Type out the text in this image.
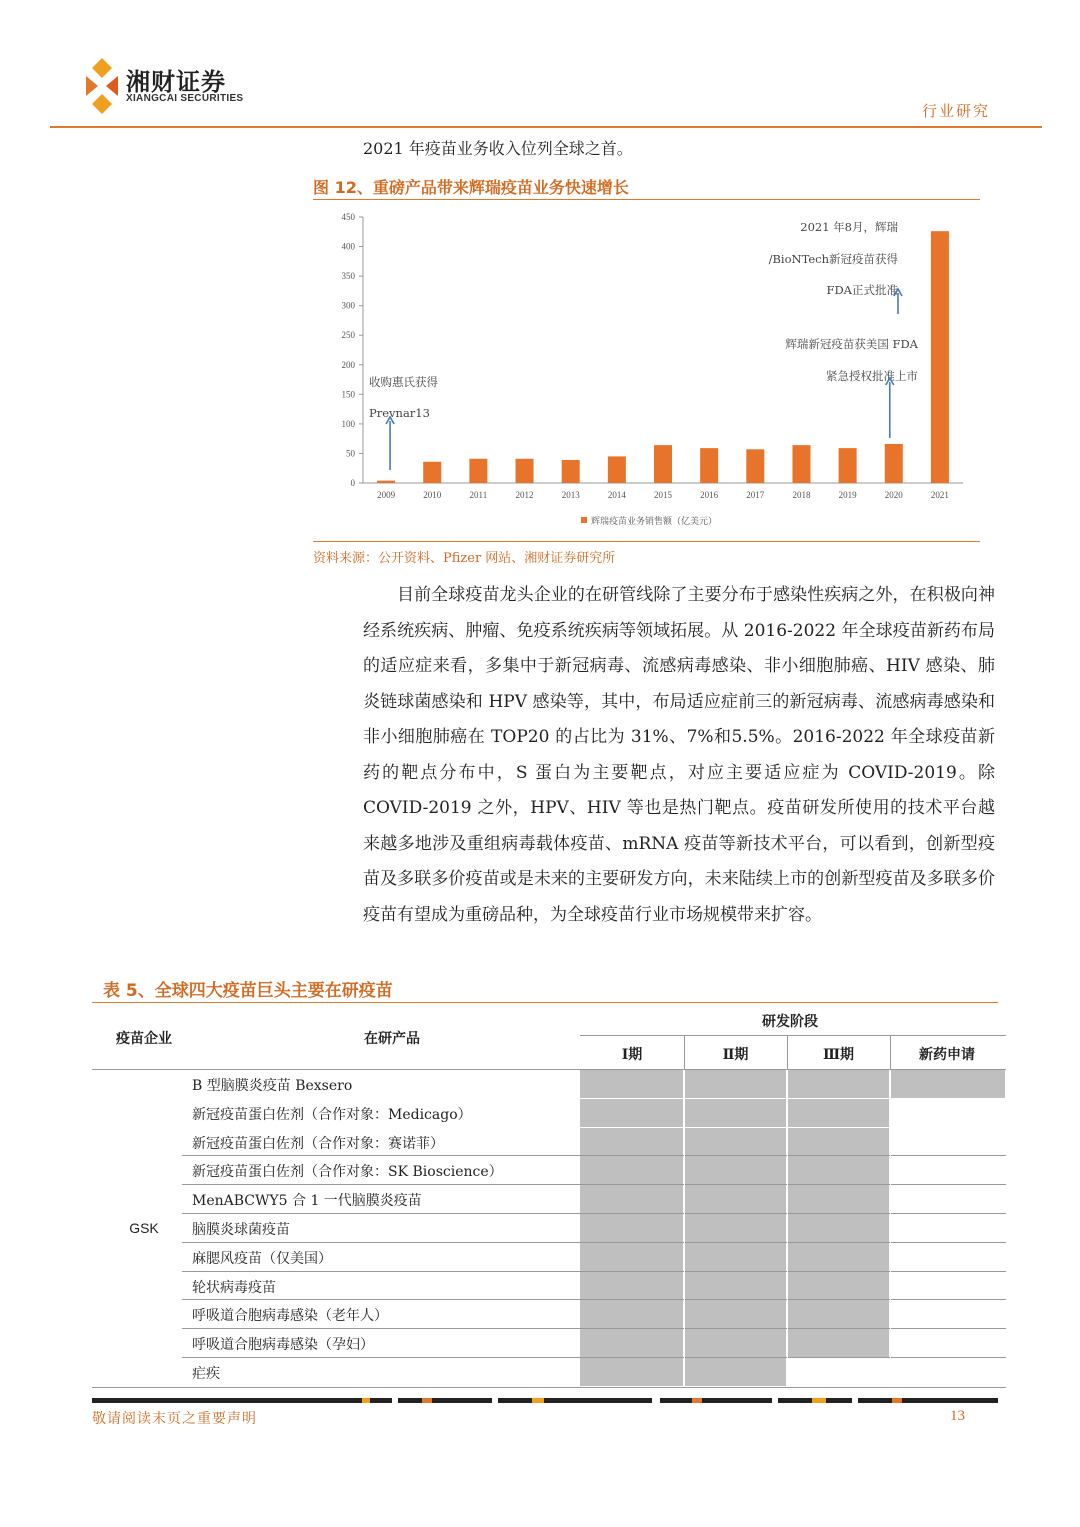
湘财证券
XIANGCAI SECURITIES
行业研究
2021 年疫苗业务收入位列全球之首。
图 12、重磅产品带来辉瑞疫苗业务快速增长
0
50
100
150
200
250
300
350
400
450
2009	2010	2011	2012	2013	2014	2015	2016	2017	2018	2019	2020	2021
收购惠氏获得
Prevnar13
辉瑞新冠疫苗获美国 FDA
紧急授权批准上市
2021 年8月，辉瑞
/BioNTech新冠疫苗获得
FDA正式批准
辉瑞疫苗业务销售额（亿美元）
资料来源：公开资料、Pfizer 网站、湘财证券研究所

目前全球疫苗龙头企业的在研管线除了主要分布于感染性疾病之外，在积极向神经系统疾病、肿瘤、免疫系统疾病等领域拓展。从 2016-2022 年全球疫苗新药布局的适应症来看，多集中于新冠病毒、流感病毒感染、非小细胞肺癌、HIV 感染、肺炎链球菌感染和 HPV 感染等，其中，布局适应症前三的新冠病毒、流感病毒感染和非小细胞肺癌在 TOP20 的占比为 31%、7%和5.5%。2016-2022 年全球疫苗新药的靶点分布中，S 蛋白为主要靶点，对应主要适应症为 COVID-2019。除 COVID-2019 之外，HPV、HIV 等也是热门靶点。疫苗研发所使用的技术平台越来越多地涉及重组病毒载体疫苗、mRNA 疫苗等新技术平台，可以看到，创新型疫苗及多联多价疫苗或是未来的主要研发方向，未来陆续上市的创新型疫苗及多联多价疫苗有望成为重磅品种，为全球疫苗行业市场规模带来扩容。

表 5、全球四大疫苗巨头主要在研疫苗
疫苗企业	在研产品
研发阶段
Ⅰ期	Ⅱ期	Ⅲ期	新药申请
GSK
B 型脑膜炎疫苗 Bexsero
新冠疫苗蛋白佐剂（合作对象：Medicago）
新冠疫苗蛋白佐剂（合作对象：赛诺菲）
新冠疫苗蛋白佐剂（合作对象：SK Bioscience）
MenABCWY5 合 1 一代脑膜炎疫苗
脑膜炎球菌疫苗
麻腮风疫苗（仅美国）
轮状病毒疫苗
呼吸道合胞病毒感染（老年人）
呼吸道合胞病毒感染（孕妇）
疟疾
敬请阅读末页之重要声明	13
